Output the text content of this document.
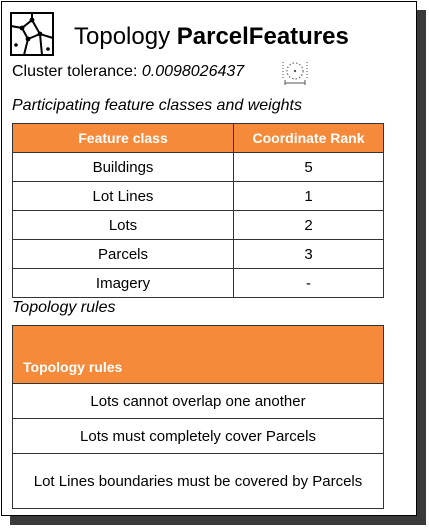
Topology ParcelFeatures
Cluster tolerance: 0.0098026437
Participating feature classes and weights
Feature class	Coordinate Rank
Buildings	5
Lot Lines	1
Lots	2
Parcels	3
Imagery	-
Topology rules
Topology rules
Lots cannot overlap one another
Lots must completely cover Parcels
Lot Lines boundaries must be covered by Parcels
